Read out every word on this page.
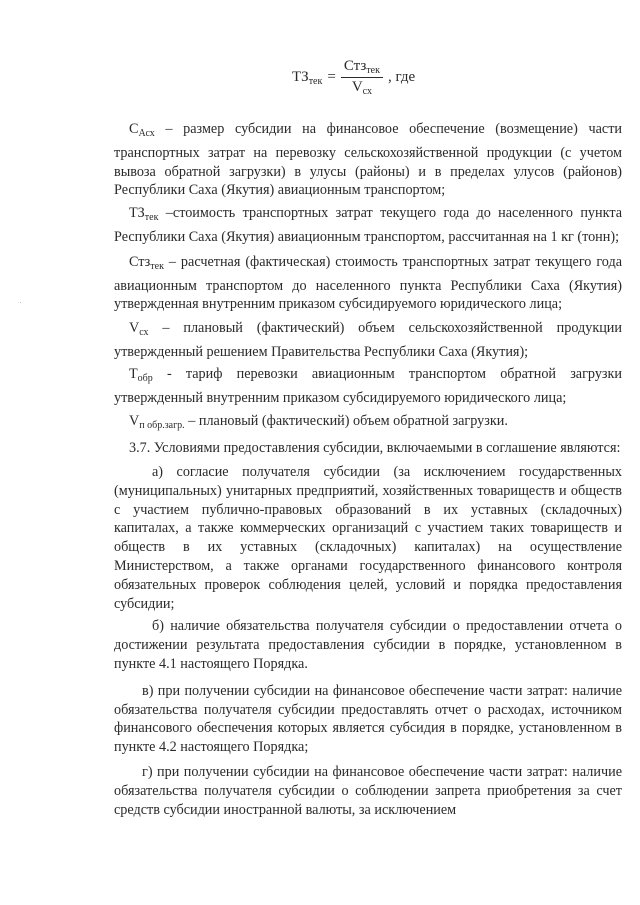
$ТЗ_{тек} = \frac{Стз_{тек}}{V_{сх}}$ , где

$С_{Асх}$ – размер субсидии на финансовое обеспечение (возмещение) части транспортных затрат на перевозку сельскохозяйственной продукции (с учетом вывоза обратной загрузки) в улусы (районы) и в пределах улусов (районов) Республики Саха (Якутия) авиационным транспортом;

$ТЗ_{тек}$ –стоимость транспортных затрат текущего года до населенного пункта Республики Саха (Якутия) авиационным транспортом, рассчитанная на 1 кг (тонн);

Стз$_{тек}$ – расчетная (фактическая) стоимость транспортных затрат текущего года авиационным транспортом до населенного пункта Республики Саха (Якутия) утвержденная внутренним приказом субсидируемого юридического лица;

$V_{сх}$ – плановый (фактический) объем сельскохозяйственной продукции утвержденный решением Правительства Республики Саха (Якутия);

$Т_{обр}$ - тариф перевозки авиационным транспортом обратной загрузки утвержденный внутренним приказом субсидируемого юридического лица;

$V_{п обр.загр.}$ – плановый (фактический) объем обратной загрузки.

3.7. Условиями предоставления субсидии, включаемыми в соглашение являются:

а) согласие получателя субсидии (за исключением государственных (муниципальных) унитарных предприятий, хозяйственных товариществ и обществ с участием публично-правовых образований в их уставных (складочных) капиталах, а также коммерческих организаций с участием таких товариществ и обществ в их уставных (складочных) капиталах) на осуществление Министерством, а также органами государственного финансового контроля обязательных проверок соблюдения целей, условий и порядка предоставления субсидии;

б) наличие обязательства получателя субсидии о предоставлении отчета о достижении результата предоставления субсидии в порядке, установленном в пункте 4.1 настоящего Порядка.

в) при получении субсидии на финансовое обеспечение части затрат: наличие обязательства получателя субсидии предоставлять отчет о расходах, источником финансового обеспечения которых является субсидия в порядке, установленном в пункте 4.2 настоящего Порядка;

г) при получении субсидии на финансовое обеспечение части затрат: наличие обязательства получателя субсидии о соблюдении запрета приобретения за счет средств субсидии иностранной валюты, за исключением
